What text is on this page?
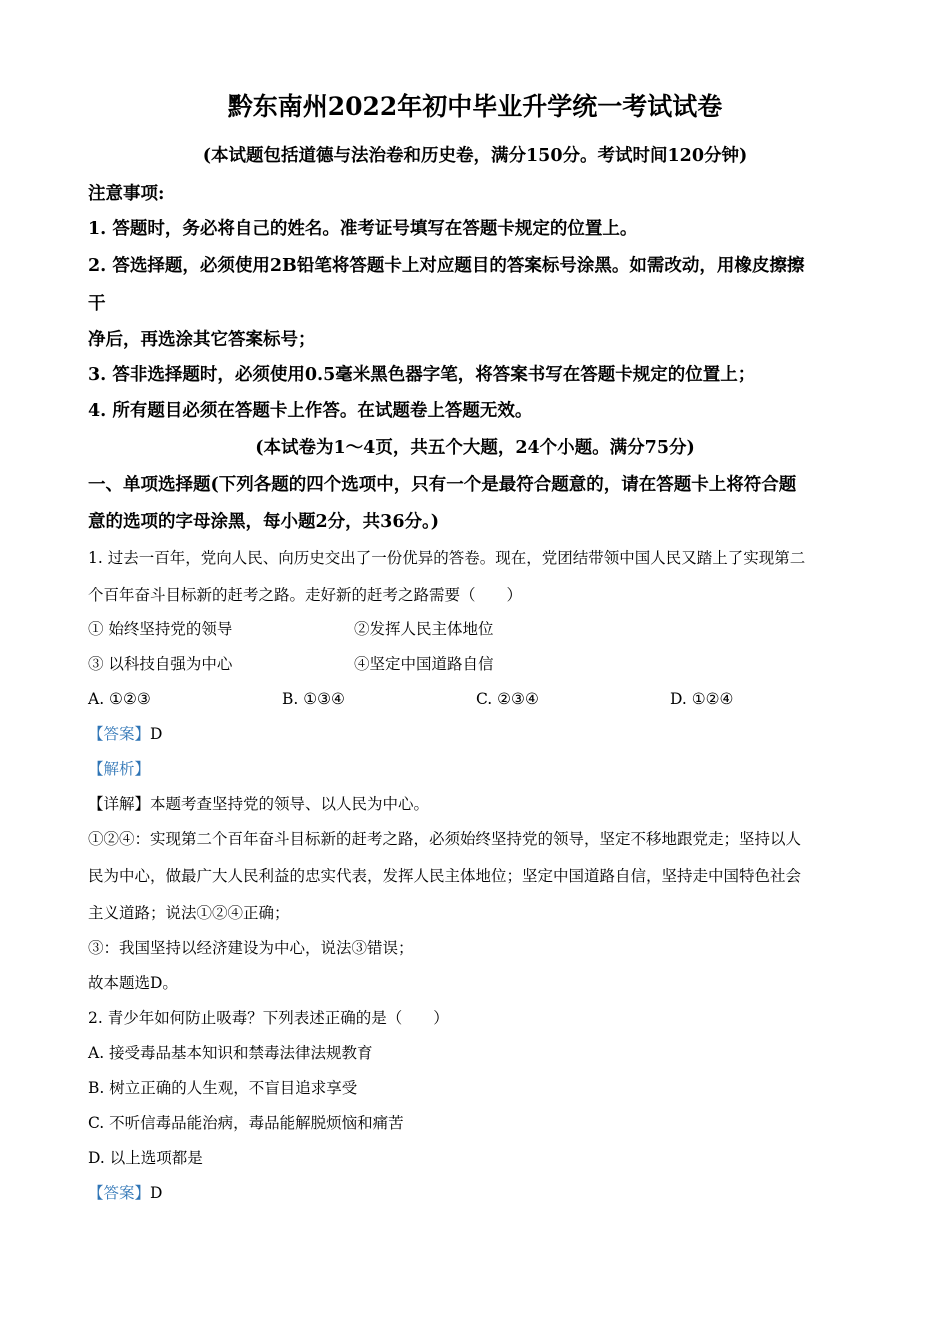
黔东南州2022年初中毕业升学统一考试试卷
(本试题包括道德与法治卷和历史卷，满分150分。考试时间120分钟)
注意事项:
1. 答题时，务必将自己的姓名。准考证号填写在答题卡规定的位置上。
2. 答选择题，必须使用2B铅笔将答题卡上对应题目的答案标号涂黑。如需改动，用橡皮擦擦
干
净后，再选涂其它答案标号；
3. 答非选择题时，必须使用0.5毫米黑色器字笔，将答案书写在答题卡规定的位置上；
4. 所有题目必须在答题卡上作答。在试题卷上答题无效。
(本试卷为1～4页，共五个大题，24个小题。满分75分)
一、单项选择题(下列各题的四个选项中，只有一个是最符合题意的，请在答题卡上将符合题
意的选项的字母涂黑，每小题2分，共36分。)
1. 过去一百年，党向人民、向历史交出了一份优异的答卷。现在，党团结带领中国人民又踏上了实现第二
个百年奋斗目标新的赶考之路。走好新的赶考之路需要（　　）
① 始终坚持党的领导	②发挥人民主体地位
③ 以科技自强为中心	④坚定中国道路自信
A. ①②③	B. ①③④	C. ②③④	D. ①②④
【答案】D
【解析】
【详解】本题考查坚持党的领导、以人民为中心。
①②④：实现第二个百年奋斗目标新的赶考之路，必须始终坚持党的领导，坚定不移地跟党走；坚持以人
民为中心，做最广大人民利益的忠实代表，发挥人民主体地位；坚定中国道路自信，坚持走中国特色社会
主义道路；说法①②④正确；
③：我国坚持以经济建设为中心，说法③错误；
故本题选D。
2. 青少年如何防止吸毒？下列表述正确的是（　　）
A. 接受毒品基本知识和禁毒法律法规教育
B. 树立正确的人生观，不盲目追求享受
C. 不听信毒品能治病，毒品能解脱烦恼和痛苦
D. 以上选项都是
【答案】D
